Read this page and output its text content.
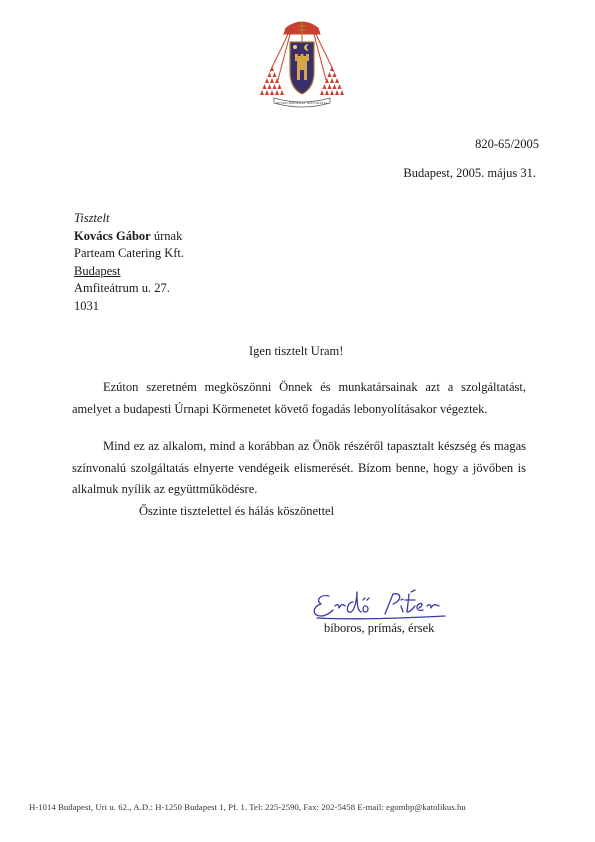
PETRO MONERAT NISI GRATIA
820-65/2005
Budapest, 2005. május 31.
Tisztelt
Kovács Gábor úrnak
Parteam Catering Kft.
Budapest
Amfiteátrum u. 27.
1031
Igen tisztelt Uram!

Ezúton szeretném megköszönni Önnek és munkatársainak azt a szolgáltatást, amelyet a budapesti Úrnapi Körmenetet követő fogadás lebonyolításakor végeztek.

Mind ez az alkalom, mind a korábban az Önök részéről tapasztalt készség és magas színvonalú szolgáltatás elnyerte vendégeik elismerését. Bízom benne, hogy a jövőben is alkalmuk nyílik az együttműködésre.

Őszinte tisztelettel és hálás köszönettel
bíboros, prímás, érsek
H-1014 Budapest, Uri u. 62., A.D.: H-1250 Budapest 1, Pf. 1. Tel: 225-2590, Fax: 202-5458 E-mail: egombp@katolikus.hu
